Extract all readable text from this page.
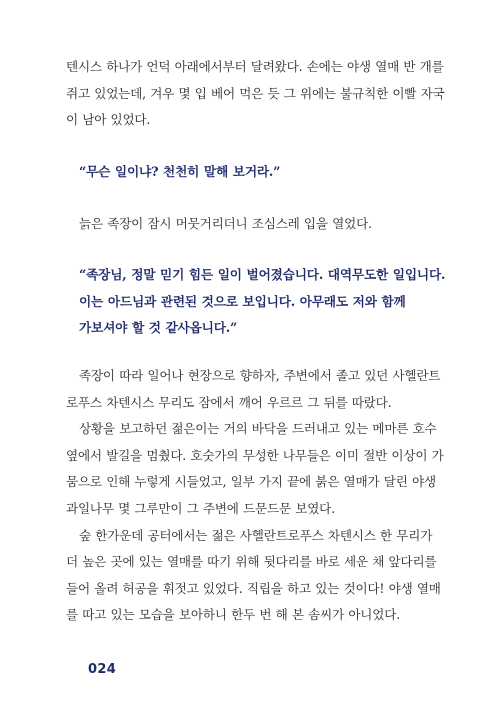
텐시스 하나가 언덕 아래에서부터 달려왔다. 손에는 야생 열매 반 개를
쥐고 있었는데, 겨우 몇 입 베어 먹은 듯 그 위에는 불규칙한 이빨 자국
이 남아 있었다.
“무슨 일이냐? 천천히 말해 보거라.”
늙은 족장이 잠시 머뭇거리더니 조심스레 입을 열었다.
“족장님, 정말 믿기 힘든 일이 벌어졌습니다. 대역무도한 일입니다.
이는 아드님과 관련된 것으로 보입니다. 아무래도 저와 함께
가보셔야 할 것 같사옵니다.”
족장이 따라 일어나 현장으로 향하자, 주변에서 졸고 있던 사헬란트
로푸스 차텐시스 무리도 잠에서 깨어 우르르 그 뒤를 따랐다.
상황을 보고하던 젊은이는 거의 바닥을 드러내고 있는 메마른 호수
옆에서 발길을 멈췄다. 호숫가의 무성한 나무들은 이미 절반 이상이 가
뭄으로 인해 누렇게 시들었고, 일부 가지 끝에 붉은 열매가 달린 야생
과일나무 몇 그루만이 그 주변에 드문드문 보였다.
숲 한가운데 공터에서는 젊은 사헬란트로푸스 차텐시스 한 무리가
더 높은 곳에 있는 열매를 따기 위해 뒷다리를 바로 세운 채 앞다리를
들어 올려 허공을 휘젓고 있었다. 직립을 하고 있는 것이다! 야생 열매
를 따고 있는 모습을 보아하니 한두 번 해 본 솜씨가 아니었다.
024
